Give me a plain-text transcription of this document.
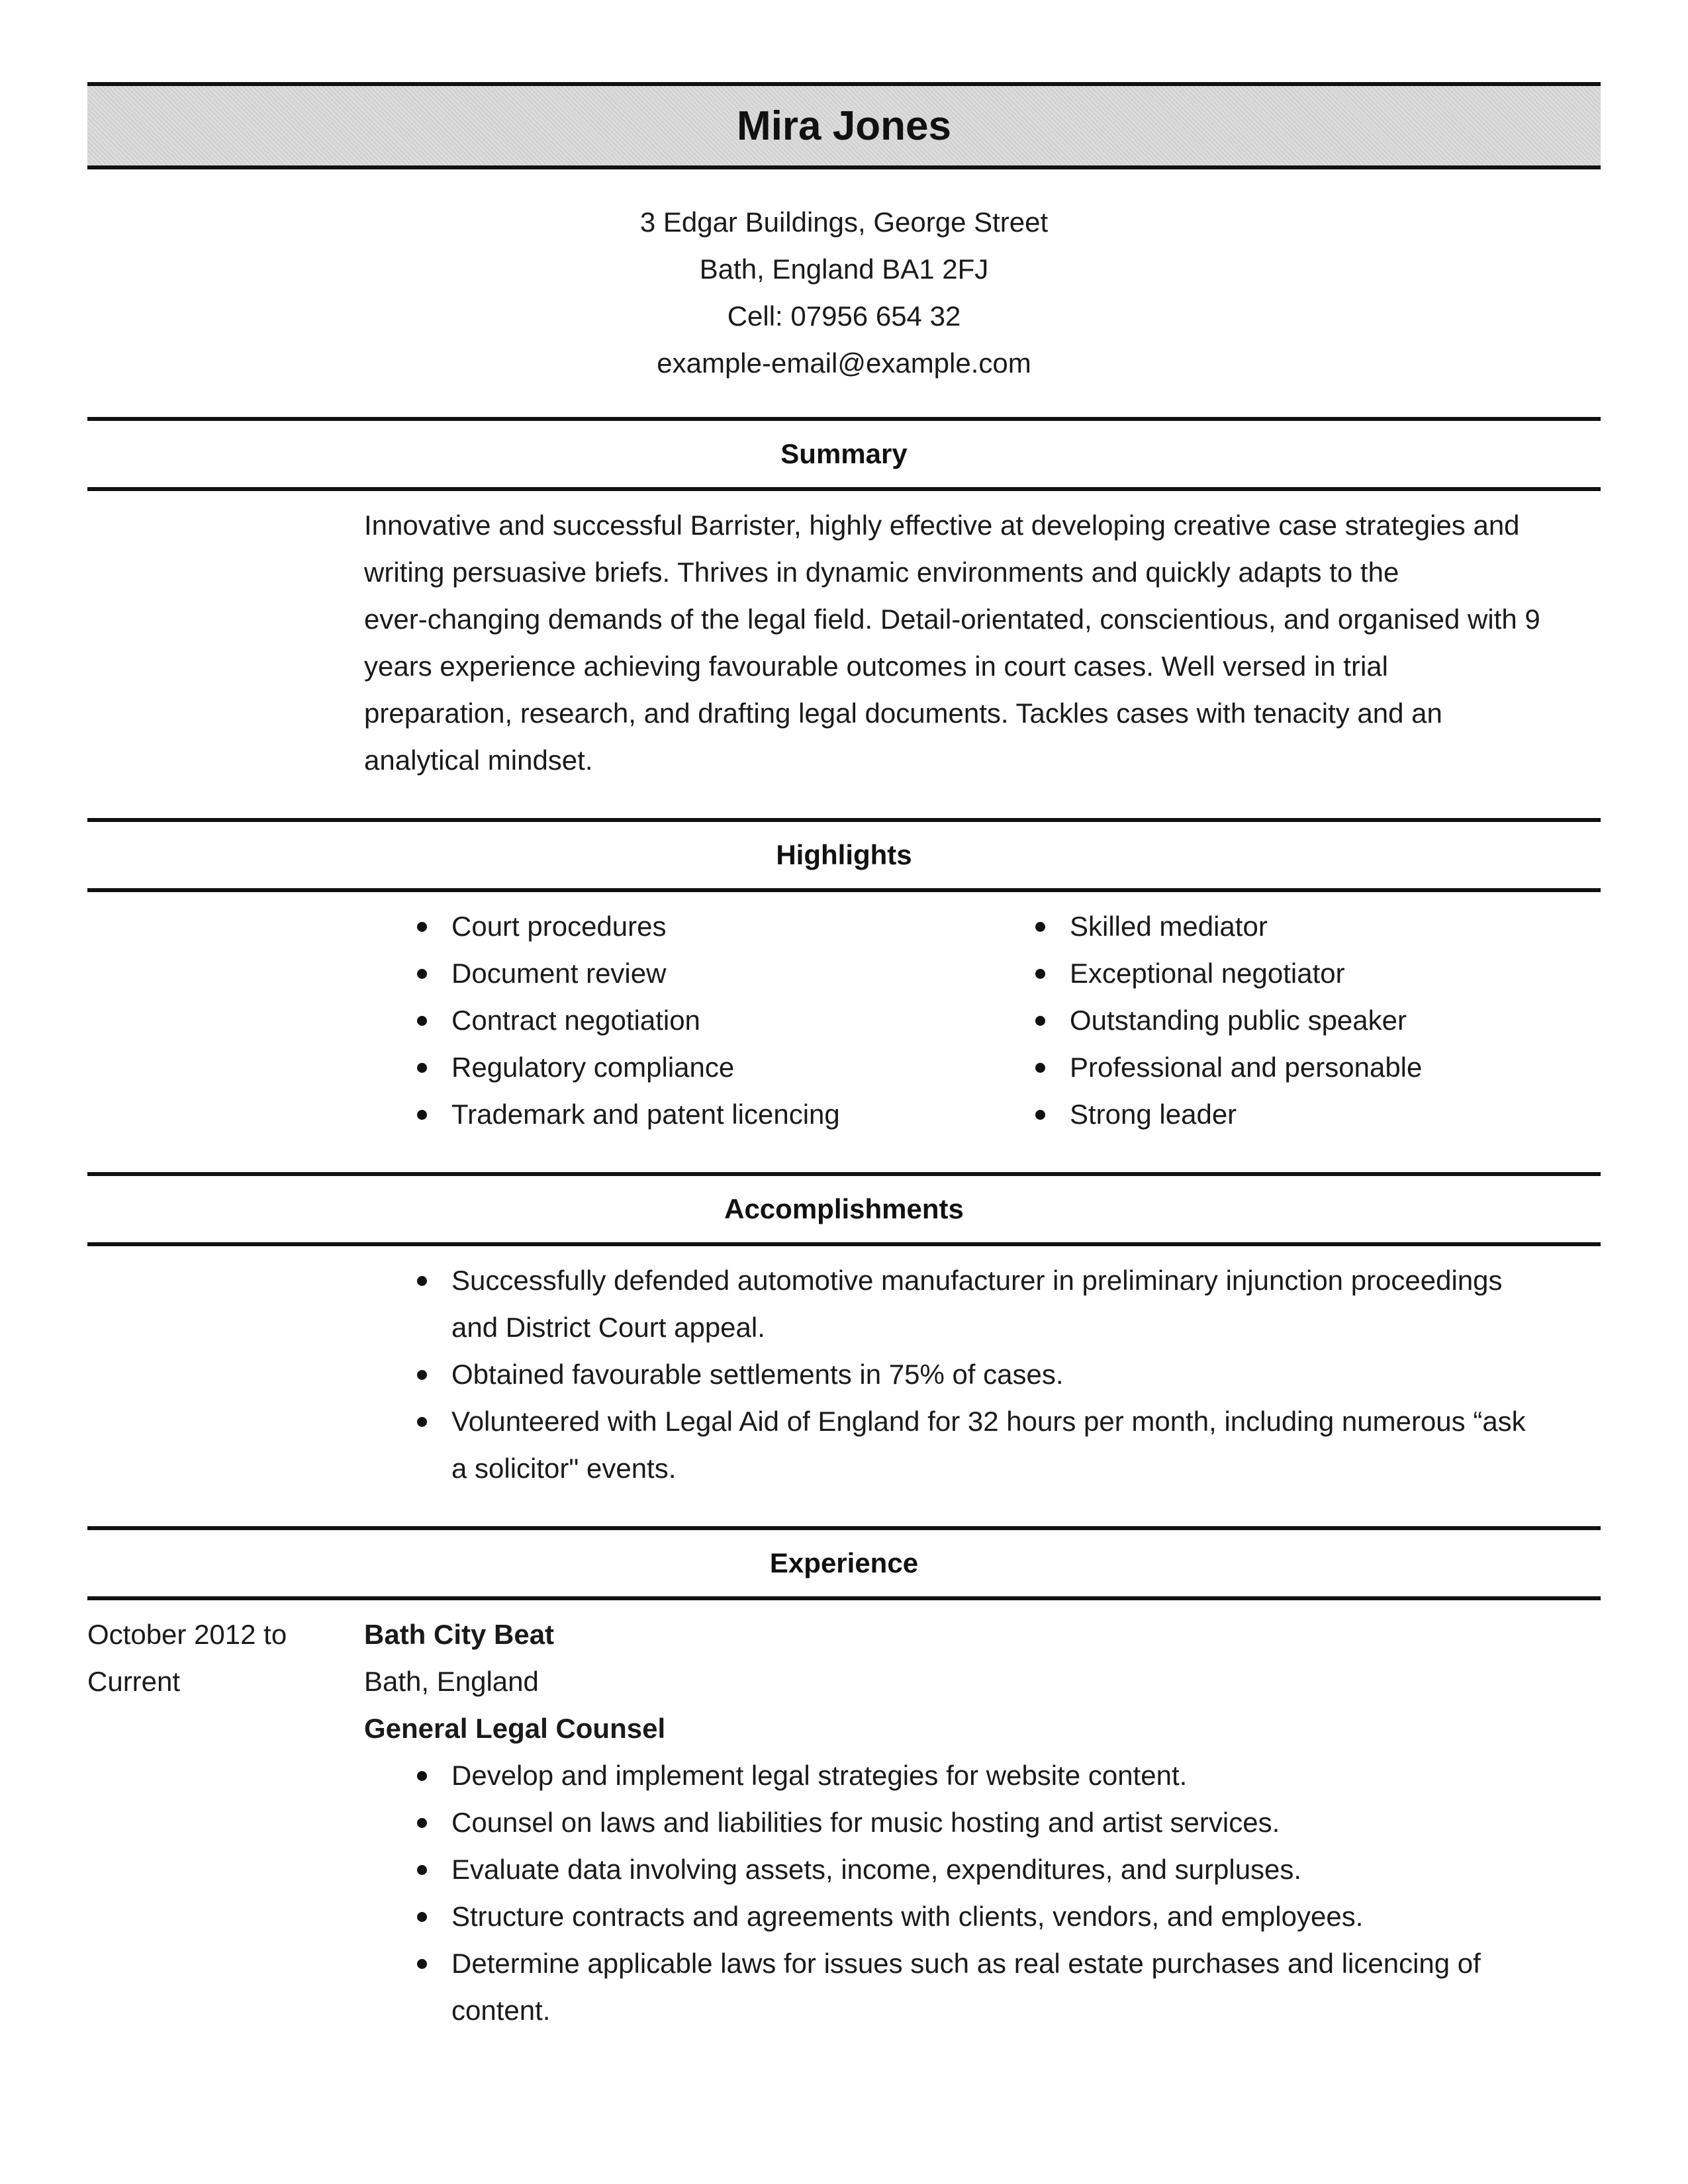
Mira Jones
3 Edgar Buildings, George Street
Bath, England BA1 2FJ
Cell: 07956 654 32
example-email@example.com
Summary
Innovative and successful Barrister, highly effective at developing creative case strategies and
writing persuasive briefs. Thrives in dynamic environments and quickly adapts to the
ever-changing demands of the legal field. Detail-orientated, conscientious, and organised with 9
years experience achieving favourable outcomes in court cases. Well versed in trial
preparation, research, and drafting legal documents. Tackles cases with tenacity and an
analytical mindset.
Highlights
Court procedures
Document review
Contract negotiation
Regulatory compliance
Trademark and patent licencing
Skilled mediator
Exceptional negotiator
Outstanding public speaker
Professional and personable
Strong leader
Accomplishments
Successfully defended automotive manufacturer in preliminary injunction proceedings
and District Court appeal.
Obtained favourable settlements in 75% of cases.
Volunteered with Legal Aid of England for 32 hours per month, including numerous “ask
a solicitor" events.
Experience
October 2012 to
Current
Bath City Beat
Bath, England
General Legal Counsel
Develop and implement legal strategies for website content.
Counsel on laws and liabilities for music hosting and artist services.
Evaluate data involving assets, income, expenditures, and surpluses.
Structure contracts and agreements with clients, vendors, and employees.
Determine applicable laws for issues such as real estate purchases and licencing of
content.
